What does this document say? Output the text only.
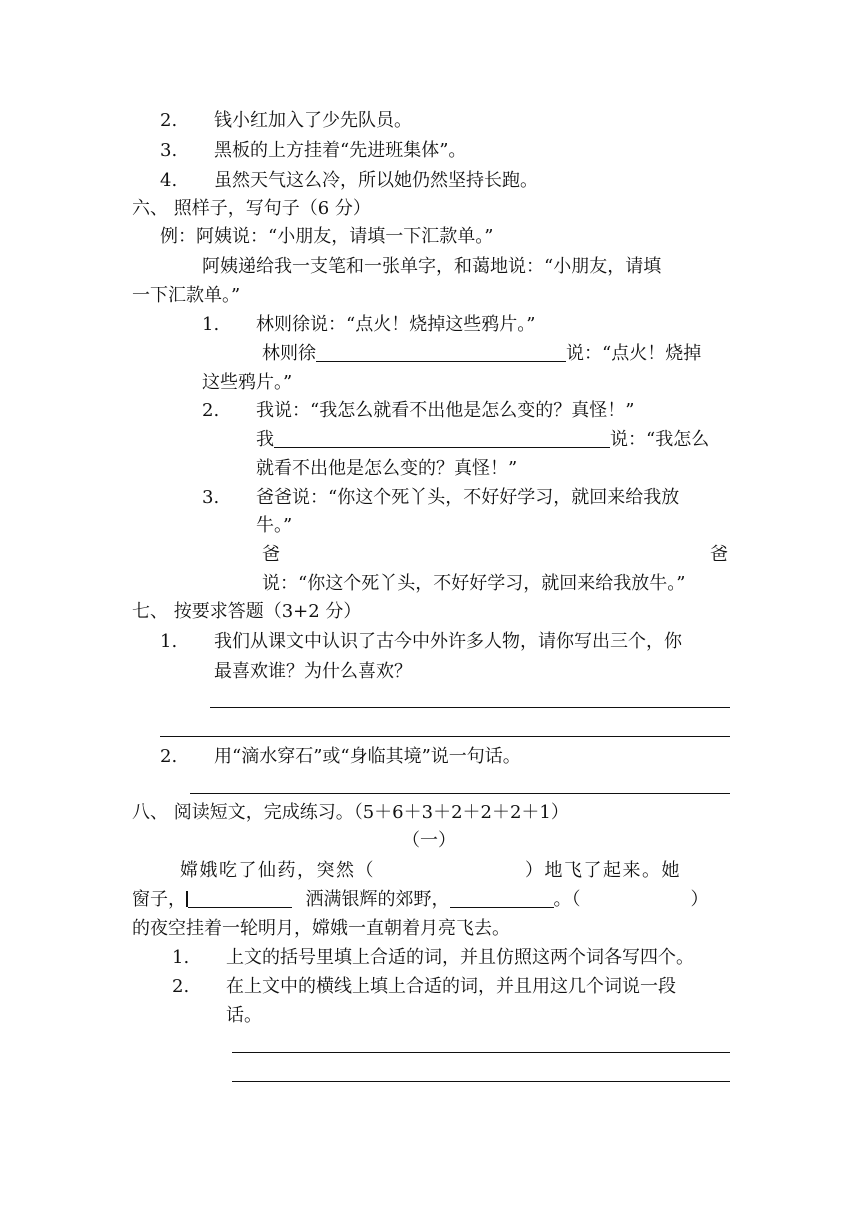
2. 钱小红加入了少先队员。
3. 黑板的上方挂着“先进班集体”。
4. 虽然天气这么冷，所以她仍然坚持长跑。
六、 照样子，写句子（6 分）
例：阿姨说：“小朋友，请填一下汇款单。”
阿姨递给我一支笔和一张单字，和蔼地说：“小朋友，请填
一下汇款单。”
1. 林则徐说：“点火！烧掉这些鸦片。”
林则徐	说：“点火！烧掉
这些鸦片。”
2. 我说：“我怎么就看不出他是怎么变的？真怪！”
我	说：“我怎么
就看不出他是怎么变的？真怪！”
3. 爸爸说：“你这个死丫头，不好好学习，就回来给我放
牛。”
爸	爸
说：“你这个死丫头，不好好学习，就回来给我放牛。”
七、 按要求答题（3+2 分）
1. 我们从课文中认识了古今中外许多人物，请你写出三个，你
最喜欢谁？为什么喜欢？
2. 用“滴水穿石”或“身临其境”说一句话。
八、 阅读短文，完成练习。（5＋6＋3＋2＋2＋2＋1）
（一）
嫦娥吃了仙药，突然（	）地飞了起来。她
窗子，	洒满银辉的郊野，	。（	）
的夜空挂着一轮明月，嫦娥一直朝着月亮飞去。
1. 上文的括号里填上合适的词，并且仿照这两个词各写四个。
2. 在上文中的横线上填上合适的词，并且用这几个词说一段
话。
